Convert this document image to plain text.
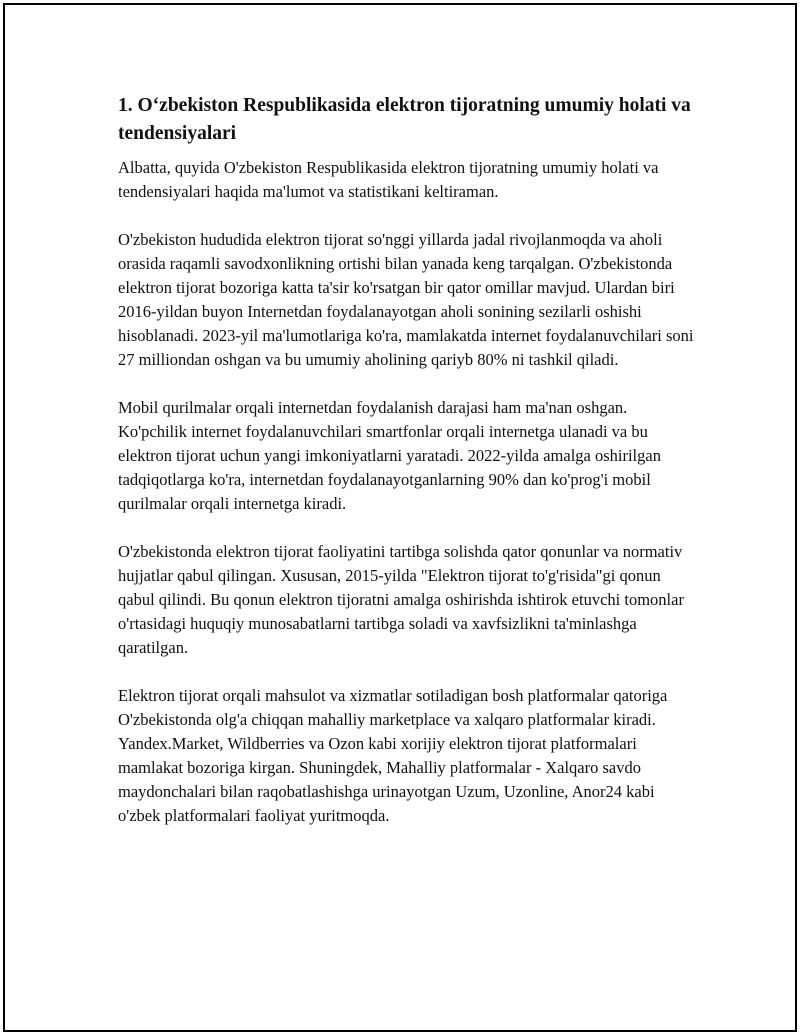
1. O‘zbekiston Respublikasida elektron tijoratning umumiy holati va tendensiyalari

Albatta, quyida O'zbekiston Respublikasida elektron tijoratning umumiy holati va tendensiyalari haqida ma'lumot va statistikani keltiraman.

O'zbekiston hududida elektron tijorat so'nggi yillarda jadal rivojlanmoqda va aholi orasida raqamli savodxonlikning ortishi bilan yanada keng tarqalgan. O'zbekistonda elektron tijorat bozoriga katta ta'sir ko'rsatgan bir qator omillar mavjud. Ulardan biri 2016-yildan buyon Internetdan foydalanayotgan aholi sonining sezilarli oshishi hisoblanadi. 2023-yil ma'lumotlariga ko'ra, mamlakatda internet foydalanuvchilari soni 27 milliondan oshgan va bu umumiy aholining qariyb 80% ni tashkil qiladi.

Mobil qurilmalar orqali internetdan foydalanish darajasi ham ma'nan oshgan. Ko'pchilik internet foydalanuvchilari smartfonlar orqali internetga ulanadi va bu elektron tijorat uchun yangi imkoniyatlarni yaratadi. 2022-yilda amalga oshirilgan tadqiqotlarga ko'ra, internetdan foydalanayotganlarning 90% dan ko'prog'i mobil qurilmalar orqali internetga kiradi.

O'zbekistonda elektron tijorat faoliyatini tartibga solishda qator qonunlar va normativ hujjatlar qabul qilingan. Xususan, 2015-yilda "Elektron tijorat to'g'risida"gi qonun qabul qilindi. Bu qonun elektron tijoratni amalga oshirishda ishtirok etuvchi tomonlar o'rtasidagi huquqiy munosabatlarni tartibga soladi va xavfsizlikni ta'minlashga qaratilgan.

Elektron tijorat orqali mahsulot va xizmatlar sotiladigan bosh platformalar qatoriga O'zbekistonda olg'a chiqqan mahalliy marketplace va xalqaro platformalar kiradi. Yandex.Market, Wildberries va Ozon kabi xorijiy elektron tijorat platformalari mamlakat bozoriga kirgan. Shuningdek, Mahalliy platformalar - Xalqaro savdo maydonchalari bilan raqobatlashishga urinayotgan Uzum, Uzonline, Anor24 kabi o'zbek platformalari faoliyat yuritmoqda.
